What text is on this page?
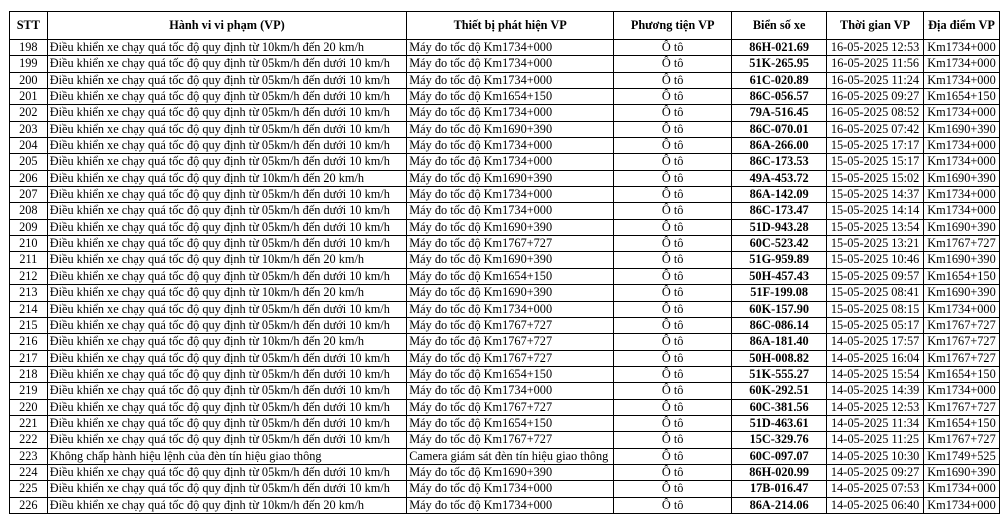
STT	Hành vi vi phạm (VP)	Thiết bị phát hiện VP	Phương tiện VP	Biển số xe	Thời gian VP	Địa điểm VP
198	Điều khiển xe chạy quá tốc độ quy định từ 10km/h đến 20 km/h	Máy đo tốc độ Km1734+000	Ô tô	86H-021.69	16-05-2025 12:53	Km1734+000
199	Điều khiển xe chạy quá tốc độ quy định từ 05km/h đến dưới 10 km/h	Máy đo tốc độ Km1734+000	Ô tô	51K-265.95	16-05-2025 11:56	Km1734+000
200	Điều khiển xe chạy quá tốc độ quy định từ 05km/h đến dưới 10 km/h	Máy đo tốc độ Km1734+000	Ô tô	61C-020.89	16-05-2025 11:24	Km1734+000
201	Điều khiển xe chạy quá tốc độ quy định từ 05km/h đến dưới 10 km/h	Máy đo tốc độ Km1654+150	Ô tô	86C-056.57	16-05-2025 09:27	Km1654+150
202	Điều khiển xe chạy quá tốc độ quy định từ 05km/h đến dưới 10 km/h	Máy đo tốc độ Km1734+000	Ô tô	79A-516.45	16-05-2025 08:52	Km1734+000
203	Điều khiển xe chạy quá tốc độ quy định từ 05km/h đến dưới 10 km/h	Máy đo tốc độ Km1690+390	Ô tô	86C-070.01	16-05-2025 07:42	Km1690+390
204	Điều khiển xe chạy quá tốc độ quy định từ 05km/h đến dưới 10 km/h	Máy đo tốc độ Km1734+000	Ô tô	86A-266.00	15-05-2025 17:17	Km1734+000
205	Điều khiển xe chạy quá tốc độ quy định từ 05km/h đến dưới 10 km/h	Máy đo tốc độ Km1734+000	Ô tô	86C-173.53	15-05-2025 15:17	Km1734+000
206	Điều khiển xe chạy quá tốc độ quy định từ 10km/h đến 20 km/h	Máy đo tốc độ Km1690+390	Ô tô	49A-453.72	15-05-2025 15:02	Km1690+390
207	Điều khiển xe chạy quá tốc độ quy định từ 05km/h đến dưới 10 km/h	Máy đo tốc độ Km1734+000	Ô tô	86A-142.09	15-05-2025 14:37	Km1734+000
208	Điều khiển xe chạy quá tốc độ quy định từ 05km/h đến dưới 10 km/h	Máy đo tốc độ Km1734+000	Ô tô	86C-173.47	15-05-2025 14:14	Km1734+000
209	Điều khiển xe chạy quá tốc độ quy định từ 05km/h đến dưới 10 km/h	Máy đo tốc độ Km1690+390	Ô tô	51D-943.28	15-05-2025 13:54	Km1690+390
210	Điều khiển xe chạy quá tốc độ quy định từ 05km/h đến dưới 10 km/h	Máy đo tốc độ Km1767+727	Ô tô	60C-523.42	15-05-2025 13:21	Km1767+727
211	Điều khiển xe chạy quá tốc độ quy định từ 10km/h đến 20 km/h	Máy đo tốc độ Km1690+390	Ô tô	51G-959.89	15-05-2025 10:46	Km1690+390
212	Điều khiển xe chạy quá tốc độ quy định từ 05km/h đến dưới 10 km/h	Máy đo tốc độ Km1654+150	Ô tô	50H-457.43	15-05-2025 09:57	Km1654+150
213	Điều khiển xe chạy quá tốc độ quy định từ 10km/h đến 20 km/h	Máy đo tốc độ Km1690+390	Ô tô	51F-199.08	15-05-2025 08:41	Km1690+390
214	Điều khiển xe chạy quá tốc độ quy định từ 05km/h đến dưới 10 km/h	Máy đo tốc độ Km1734+000	Ô tô	60K-157.90	15-05-2025 08:15	Km1734+000
215	Điều khiển xe chạy quá tốc độ quy định từ 05km/h đến dưới 10 km/h	Máy đo tốc độ Km1767+727	Ô tô	86C-086.14	15-05-2025 05:17	Km1767+727
216	Điều khiển xe chạy quá tốc độ quy định từ 10km/h đến 20 km/h	Máy đo tốc độ Km1767+727	Ô tô	86A-181.40	14-05-2025 17:57	Km1767+727
217	Điều khiển xe chạy quá tốc độ quy định từ 05km/h đến dưới 10 km/h	Máy đo tốc độ Km1767+727	Ô tô	50H-008.82	14-05-2025 16:04	Km1767+727
218	Điều khiển xe chạy quá tốc độ quy định từ 05km/h đến dưới 10 km/h	Máy đo tốc độ Km1654+150	Ô tô	51K-555.27	14-05-2025 15:54	Km1654+150
219	Điều khiển xe chạy quá tốc độ quy định từ 05km/h đến dưới 10 km/h	Máy đo tốc độ Km1734+000	Ô tô	60K-292.51	14-05-2025 14:39	Km1734+000
220	Điều khiển xe chạy quá tốc độ quy định từ 05km/h đến dưới 10 km/h	Máy đo tốc độ Km1767+727	Ô tô	60C-381.56	14-05-2025 12:53	Km1767+727
221	Điều khiển xe chạy quá tốc độ quy định từ 05km/h đến dưới 10 km/h	Máy đo tốc độ Km1654+150	Ô tô	51D-463.61	14-05-2025 11:34	Km1654+150
222	Điều khiển xe chạy quá tốc độ quy định từ 05km/h đến dưới 10 km/h	Máy đo tốc độ Km1767+727	Ô tô	15C-329.76	14-05-2025 11:25	Km1767+727
223	Không chấp hành hiệu lệnh của đèn tín hiệu giao thông	Camera giám sát đèn tín hiệu giao thông	Ô tô	60C-097.07	14-05-2025 10:30	Km1749+525
224	Điều khiển xe chạy quá tốc độ quy định từ 05km/h đến dưới 10 km/h	Máy đo tốc độ Km1690+390	Ô tô	86H-020.99	14-05-2025 09:27	Km1690+390
225	Điều khiển xe chạy quá tốc độ quy định từ 05km/h đến dưới 10 km/h	Máy đo tốc độ Km1734+000	Ô tô	17B-016.47	14-05-2025 07:53	Km1734+000
226	Điều khiển xe chạy quá tốc độ quy định từ 10km/h đến 20 km/h	Máy đo tốc độ Km1734+000	Ô tô	86A-214.06	14-05-2025 06:40	Km1734+000
